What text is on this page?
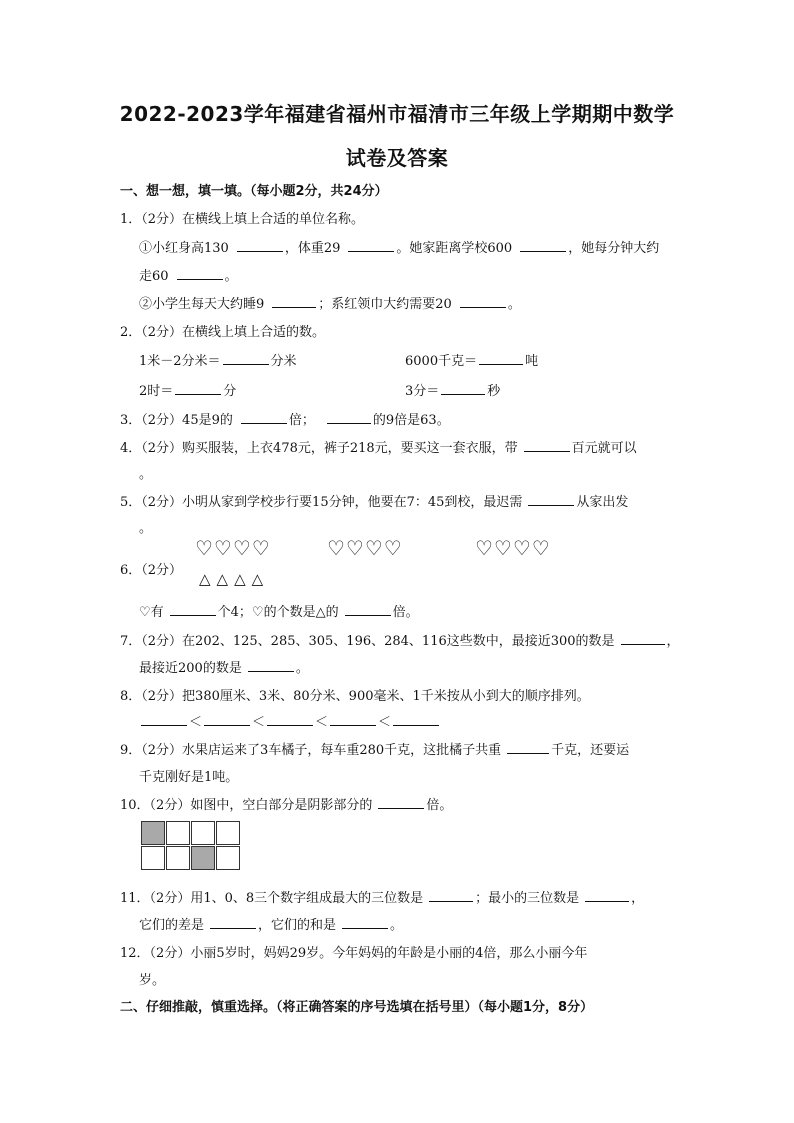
2022-2023学年福建省福州市福清市三年级上学期期中数学
试卷及答案
一、想一想，填一填。（每小题2分，共24分）
1．（2分）在横线上填上合适的单位名称。
①小红身高130	，体重29	。她家距离学校600	，她每分钟大约
走60	。
②小学生每天大约睡9	；系红领巾大约需要20	。
2．（2分）在横线上填上合适的数。
1米－2分米＝	分米	6000千克＝	吨
2时＝	分	3分＝	秒
3．（2分）45是9的	倍；	的9倍是63。
4．（2分）购买服装，上衣478元，裤子218元，要买这一套衣服，带	百元就可以
。
5．（2分）小明从家到学校步行要15分钟，他要在7：45到校，最迟需	从家出发
。
6．（2分）
♡♡♡♡	♡♡♡♡	♡♡♡♡
△△△△
♡有	个4；♡的个数是△的	倍。
7．（2分）在202、125、285、305、196、284、116这些数中，最接近300的数是	，
最接近200的数是	。
8．（2分）把380厘米、3米、80分米、900毫米、1千米按从小到大的顺序排列。
＜	＜	＜	＜
9．（2分）水果店运来了3车橘子，每车重280千克，这批橘子共重	千克，还要运
千克刚好是1吨。
10．（2分）如图中，空白部分是阴影部分的	倍。
11．（2分）用1、0、8三个数字组成最大的三位数是	；最小的三位数是	，
它们的差是	，它们的和是	。
12．（2分）小丽5岁时，妈妈29岁。今年妈妈的年龄是小丽的4倍，那么小丽今年
岁。
二、仔细推敲，慎重选择。（将正确答案的序号选填在括号里）（每小题1分，8分）
